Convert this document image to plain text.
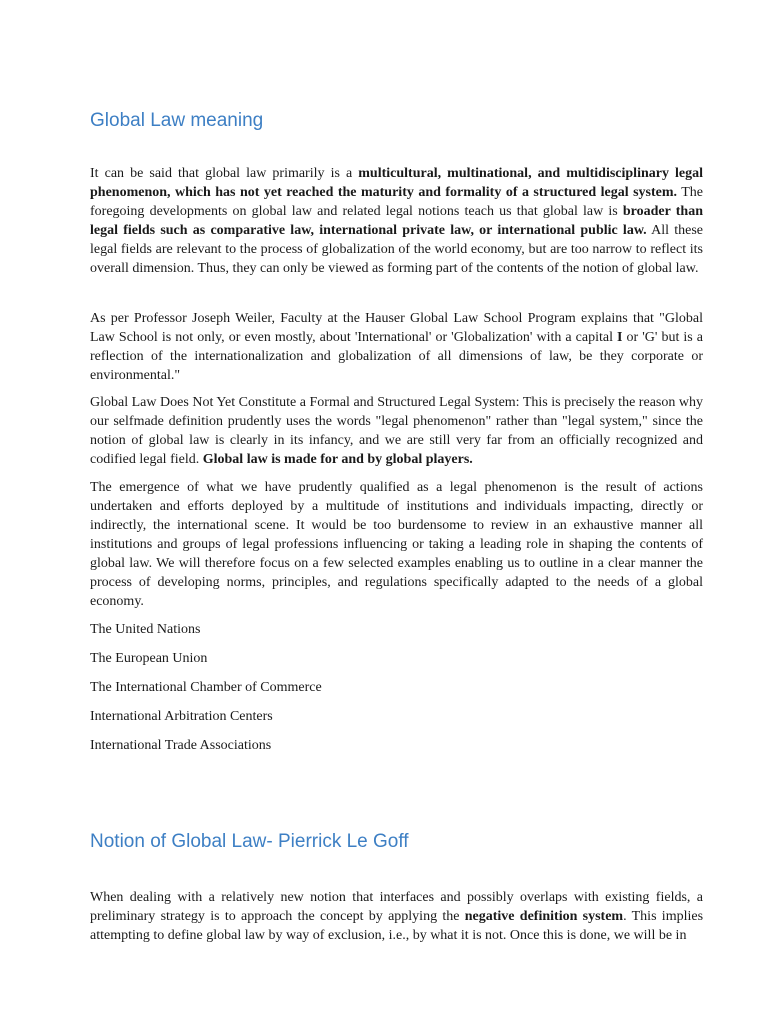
Global Law meaning

It can be said that global law primarily is a multicultural, multinational, and multidisciplinary legal phenomenon, which has not yet reached the maturity and formality of a structured legal system. The foregoing developments on global law and related legal notions teach us that global law is broader than legal fields such as comparative law, international private law, or international public law. All these legal fields are relevant to the process of globalization of the world economy, but are too narrow to reflect its overall dimension. Thus, they can only be viewed as forming part of the contents of the notion of global law.

As per Professor Joseph Weiler, Faculty at the Hauser Global Law School Program explains that "Global Law School is not only, or even mostly, about 'International' or 'Globalization' with a capital I or 'G' but is a reflection of the internationalization and globalization of all dimensions of law, be they corporate or environmental."

Global Law Does Not Yet Constitute a Formal and Structured Legal System: This is precisely the reason why our selfmade definition prudently uses the words "legal phenomenon" rather than "legal system," since the notion of global law is clearly in its infancy, and we are still very far from an officially recognized and codified legal field. Global law is made for and by global players.

The emergence of what we have prudently qualified as a legal phenomenon is the result of actions undertaken and efforts deployed by a multitude of institutions and individuals impacting, directly or indirectly, the international scene. It would be too burdensome to review in an exhaustive manner all institutions and groups of legal professions influencing or taking a leading role in shaping the contents of global law. We will therefore focus on a few selected examples enabling us to outline in a clear manner the process of developing norms, principles, and regulations specifically adapted to the needs of a global economy.

The United Nations
The European Union
The International Chamber of Commerce
International Arbitration Centers
International Trade Associations
Notion of Global Law- Pierrick Le Goff

When dealing with a relatively new notion that interfaces and possibly overlaps with existing fields, a preliminary strategy is to approach the concept by applying the negative definition system. This implies attempting to define global law by way of exclusion, i.e., by what it is not. Once this is done, we will be in
